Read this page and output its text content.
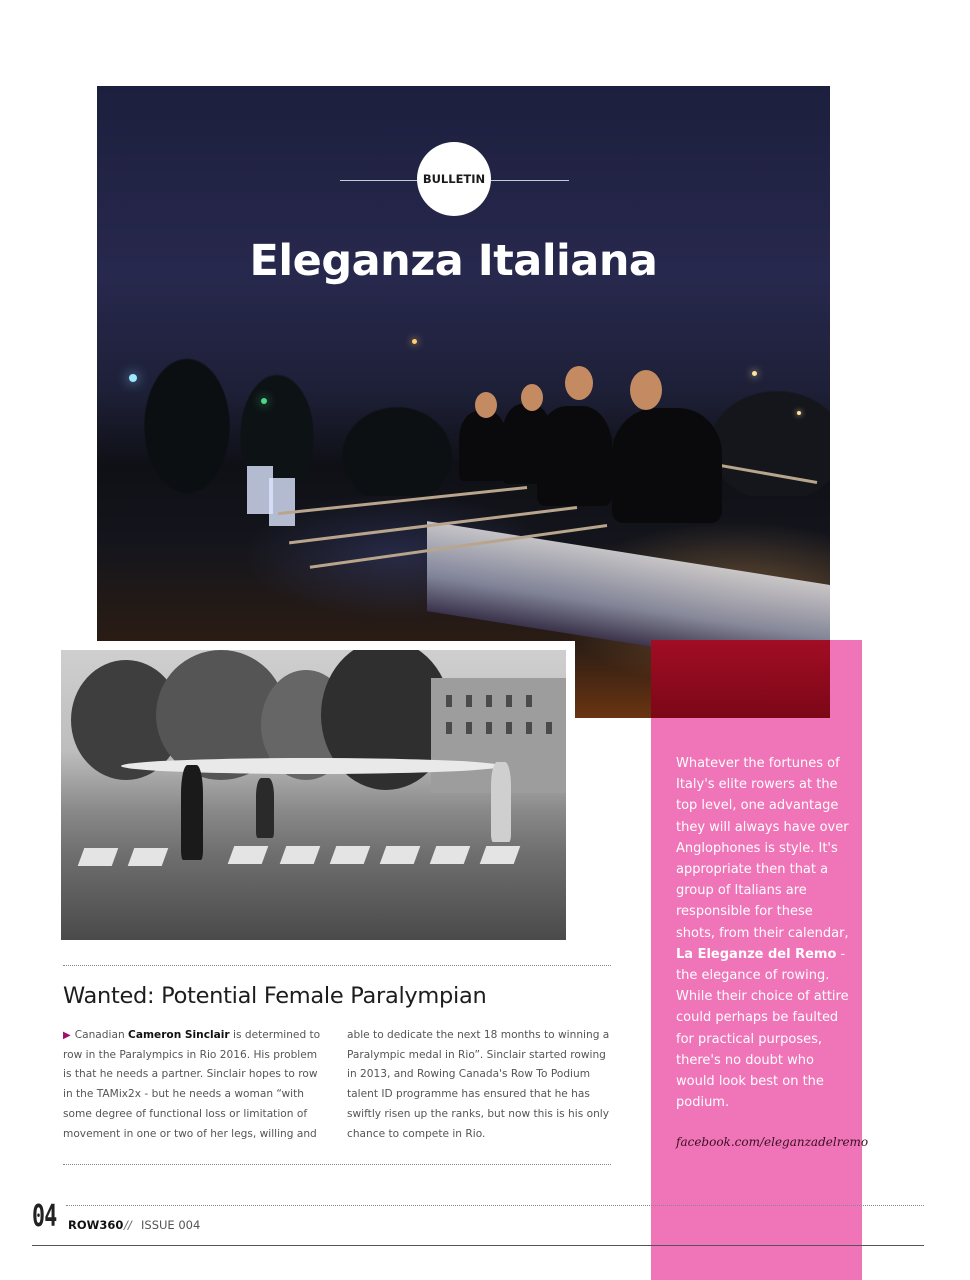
BULLETIN
Eleganza Italiana
Whatever the fortunes of Italy's elite rowers at the top level, one advantage they will always have over Anglophones is style. It's appropriate then that a group of Italians are responsible for these shots, from their calendar, La Eleganze del Remo - the elegance of rowing. While their choice of attire could perhaps be faulted for practical purposes, there's no doubt who would look best on the podium.
facebook.com/eleganzadelremo
Wanted: Potential Female Paralympian
▶ Canadian Cameron Sinclair is determined to row in the Paralympics in Rio 2016. His problem is that he needs a partner. Sinclair hopes to row in the TAMix2x - but he needs a woman “with some degree of functional loss or limitation of movement in one or two of her legs, willing and
able to dedicate the next 18 months to winning a Paralympic medal in Rio”. Sinclair started rowing in 2013, and Rowing Canada's Row To Podium talent ID programme has ensured that he has swiftly risen up the ranks, but now this is his only chance to compete in Rio.
04 ROW360 // ISSUE 004
